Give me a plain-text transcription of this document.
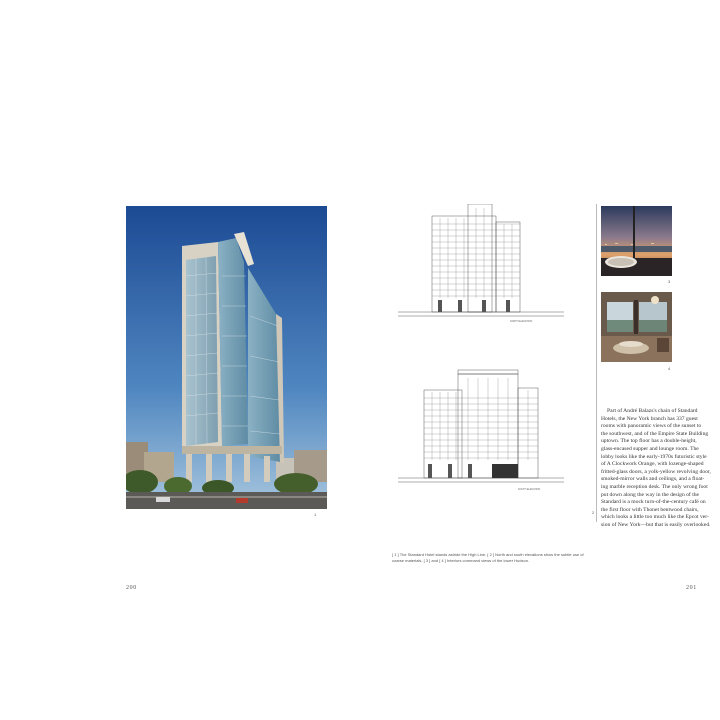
1
200
NORTH ELEVATION
SOUTH ELEVATION
[ 1 ] The Standard Hotel stands astride the High Line. [ 2 ] North and south elevations show the subtle use of coarse materials. [ 3 ] and [ 4 ] Interiors command views of the lower Hudson.
2
3
4

Part of André Balazs's chain of Standard

Hotels, the New York branch has 337 guest

rooms with panoramic views of the sunset to

the southwest, and of the Empire State Building

uptown. The top floor has a double-height,

glass-encased supper and lounge room. The

lobby looks like the early-1970s futuristic style

of A Clockwork Orange, with lozenge-shaped

fritted-glass doors, a yolk-yellow revolving door,

smoked-mirror walls and ceilings, and a float-

ing marble reception desk. The only wrong foot

put down along the way in the design of the

Standard is a mock turn-of-the-century café on

the first floor with Thonet bentwood chairs,

which looks a little too much like the Epcot ver-

sion of New York—but that is easily overlooked.

201
